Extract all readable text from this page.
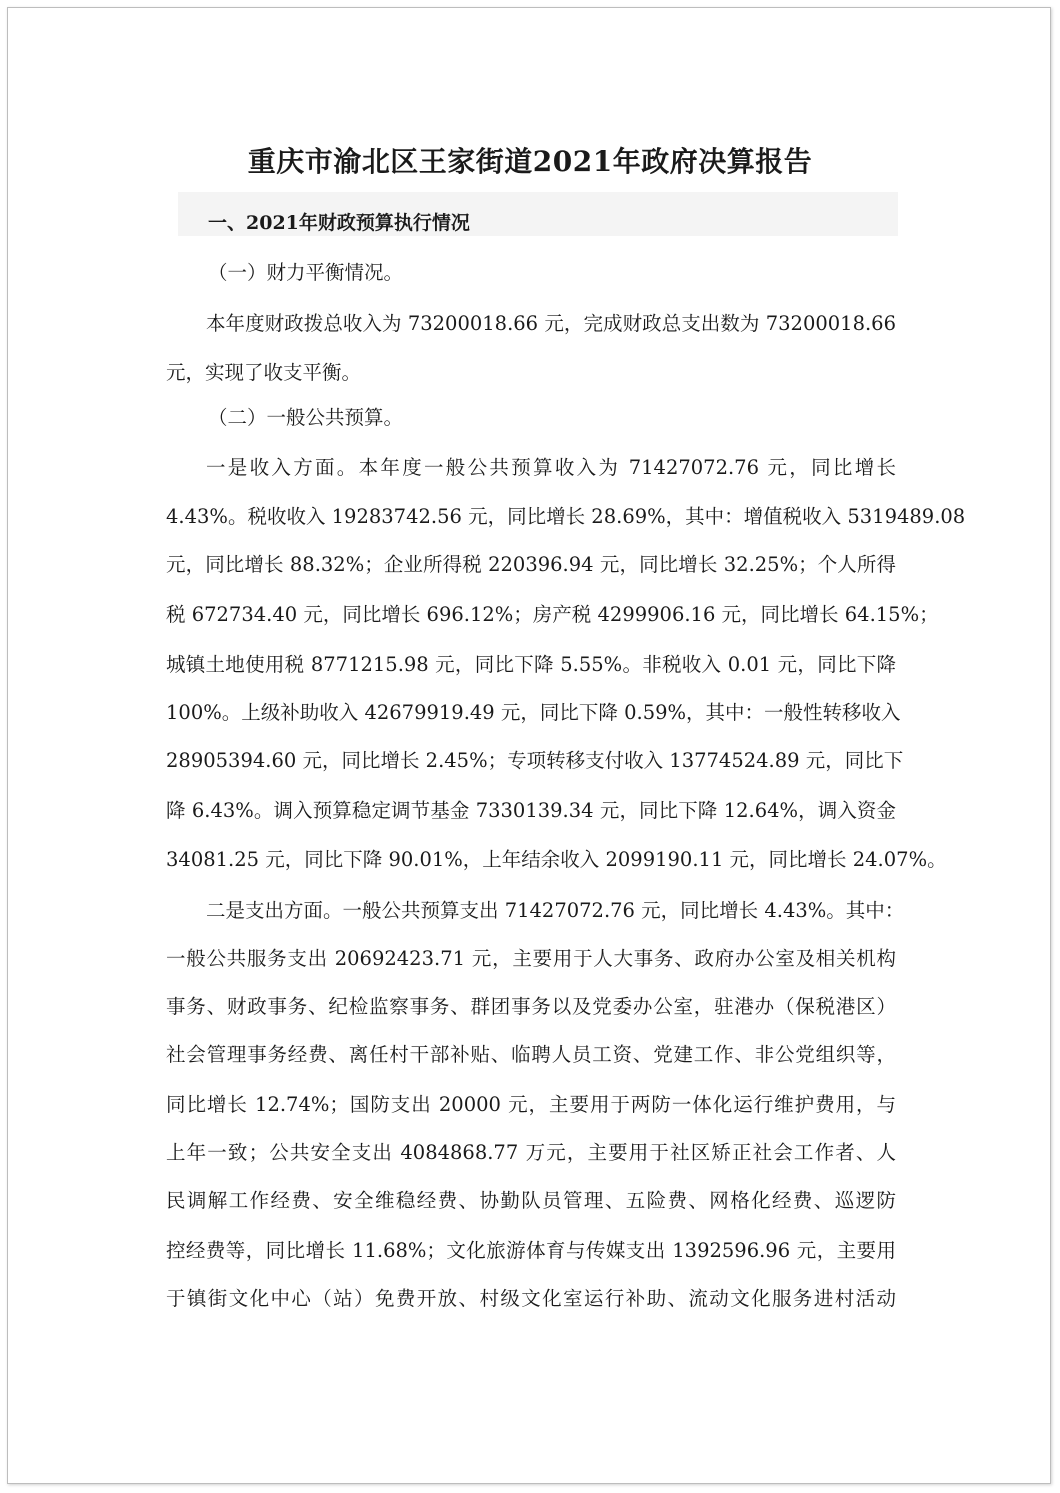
重庆市渝北区王家街道2021年政府决算报告
一、2021年财政预算执行情况

（一）财力平衡情况。

本年度财政拨总收入为 73200018.66 元，完成财政总支出数为 73200018.66

元，实现了收支平衡。

（二）一般公共预算。

一是收入方面。本年度一般公共预算收入为 71427072.76 元，同比增长

4.43%。税收收入 19283742.56 元，同比增长 28.69%，其中：增值税收入 5319489.08

元，同比增长 88.32%；企业所得税 220396.94 元，同比增长 32.25%；个人所得

税 672734.40 元，同比增长 696.12%；房产税 4299906.16 元，同比增长 64.15%；

城镇土地使用税 8771215.98 元，同比下降 5.55%。非税收入 0.01 元，同比下降

100%。上级补助收入 42679919.49 元，同比下降 0.59%，其中：一般性转移收入

28905394.60 元，同比增长 2.45%；专项转移支付收入 13774524.89 元，同比下

降 6.43%。调入预算稳定调节基金 7330139.34 元，同比下降 12.64%，调入资金

34081.25 元，同比下降 90.01%，上年结余收入 2099190.11 元，同比增长 24.07%。

二是支出方面。一般公共预算支出 71427072.76 元，同比增长 4.43%。其中：

一般公共服务支出 20692423.71 元，主要用于人大事务、政府办公室及相关机构

事务、财政事务、纪检监察事务、群团事务以及党委办公室，驻港办（保税港区）

社会管理事务经费、离任村干部补贴、临聘人员工资、党建工作、非公党组织等，

同比增长 12.74%；国防支出 20000 元，主要用于两防一体化运行维护费用，与

上年一致；公共安全支出 4084868.77 万元，主要用于社区矫正社会工作者、人

民调解工作经费、安全维稳经费、协勤队员管理、五险费、网格化经费、巡逻防

控经费等，同比增长 11.68%；文化旅游体育与传媒支出 1392596.96 元，主要用

于镇街文化中心（站）免费开放、村级文化室运行补助、流动文化服务进村活动
